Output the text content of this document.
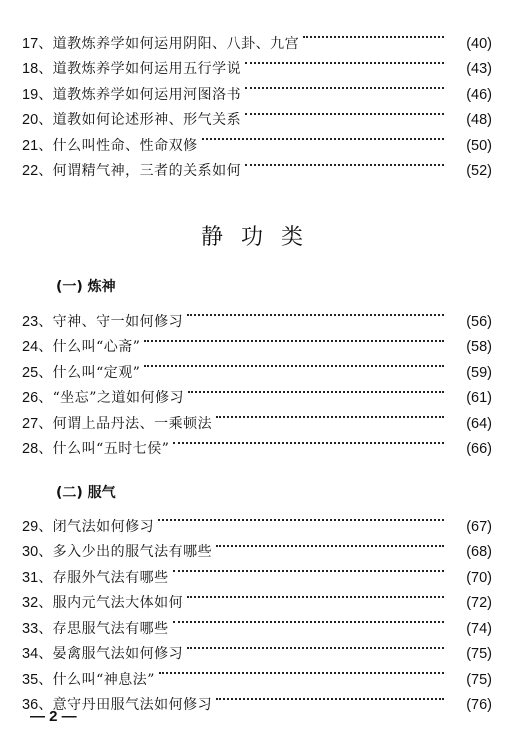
17、 道教炼养学如何运用阴阳、八卦、九宫	(40)
18、 道教炼养学如何运用五行学说	(43)
19、 道教炼养学如何运用河图洛书	(46)
20、 道教如何论述形神、形气关系	(48)
21、 什么叫性命、性命双修	(50)
22、 何谓精气神，三者的关系如何	(52)
静功类
(一) 炼神
23、 守神、守一如何修习	(56)
24、 什么叫“心斋”	(58)
25、 什么叫“定观”	(59)
26、 “坐忘”之道如何修习	(61)
27、 何谓上品丹法、一乘顿法	(64)
28、 什么叫“五时七侯”	(66)
(二) 服气
29、 闭气法如何修习	(67)
30、 多入少出的服气法有哪些	(68)
31、 存服外气法有哪些	(70)
32、 服内元气法大体如何	(72)
33、 存思服气法有哪些	(74)
34、 晏禽服气法如何修习	(75)
35、 什么叫“神息法”	(75)
36、 意守丹田服气法如何修习	(76)
— 2 —
